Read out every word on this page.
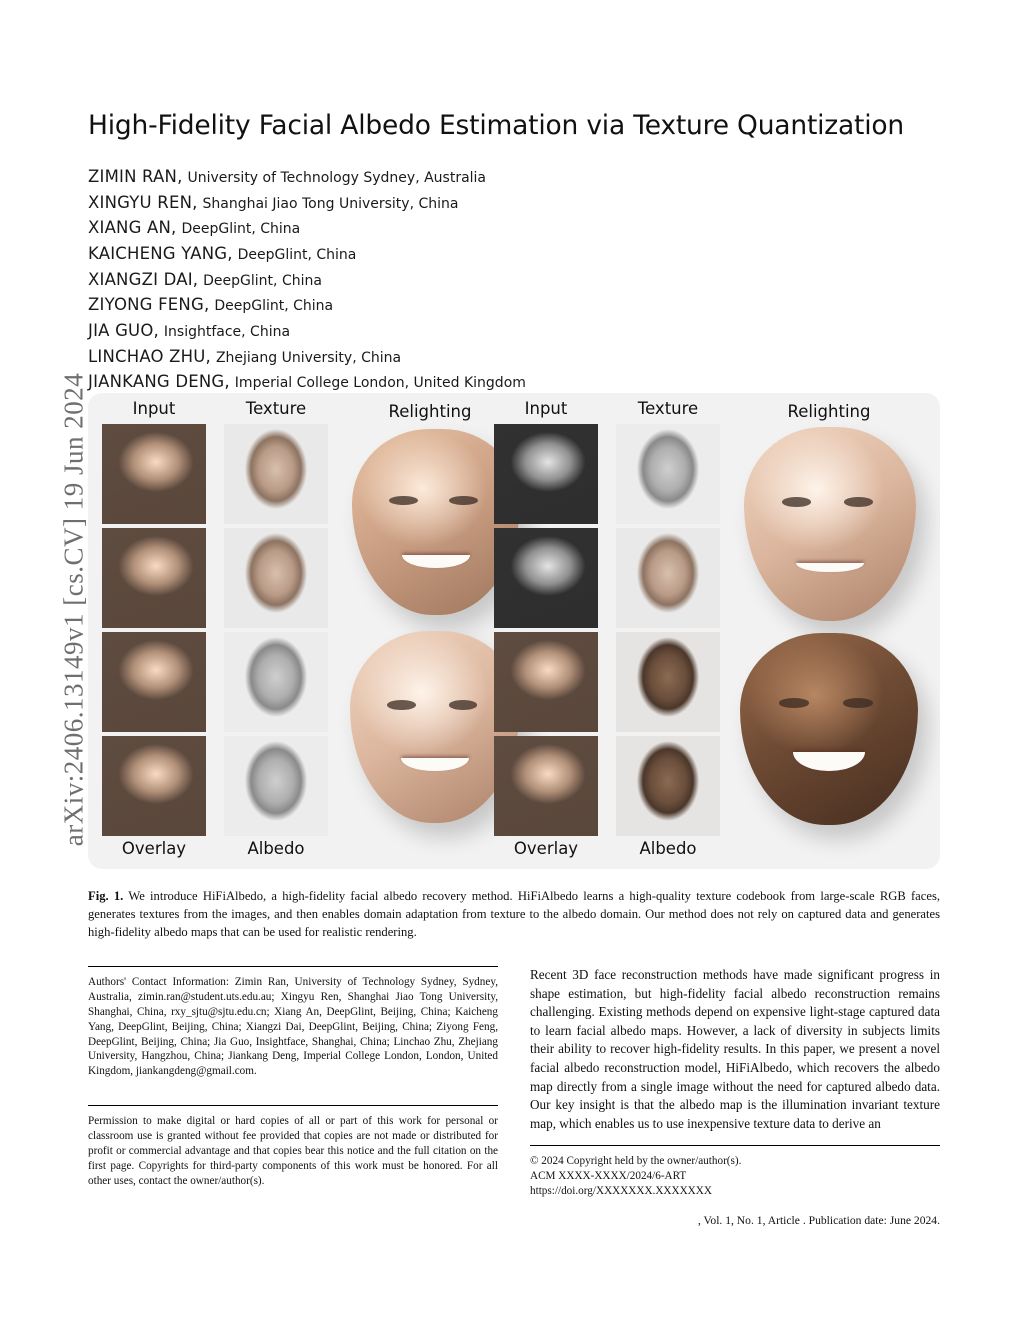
arXiv:2406.13149v1 [cs.CV] 19 Jun 2024
High-Fidelity Facial Albedo Estimation via Texture Quantization
ZIMIN RAN, University of Technology Sydney, Australia
XINGYU REN, Shanghai Jiao Tong University, China
XIANG AN, DeepGlint, China
KAICHENG YANG, DeepGlint, China
XIANGZI DAI, DeepGlint, China
ZIYONG FENG, DeepGlint, China
JIA GUO, Insightface, China
LINCHAO ZHU, Zhejiang University, China
JIANKANG DENG, Imperial College London, United Kingdom
Input	Texture	Relighting	Input	Texture	Relighting
Overlay	Albedo	Overlay	Albedo
Fig. 1. We introduce HiFiAlbedo, a high-fidelity facial albedo recovery method. HiFiAlbedo learns a high-quality texture codebook from large-scale RGB faces, generates textures from the images, and then enables domain adaptation from texture to the albedo domain. Our method does not rely on captured data and generates high-fidelity albedo maps that can be used for realistic rendering.
Authors' Contact Information: Zimin Ran, University of Technology Sydney, Sydney, Australia, zimin.ran@student.uts.edu.au; Xingyu Ren, Shanghai Jiao Tong University, Shanghai, China, rxy_sjtu@sjtu.edu.cn; Xiang An, DeepGlint, Beijing, China; Kaicheng Yang, DeepGlint, Beijing, China; Xiangzi Dai, DeepGlint, Beijing, China; Ziyong Feng, DeepGlint, Beijing, China; Jia Guo, Insightface, Shanghai, China; Linchao Zhu, Zhejiang University, Hangzhou, China; Jiankang Deng, Imperial College London, London, United Kingdom, jiankangdeng@gmail.com.
Permission to make digital or hard copies of all or part of this work for personal or classroom use is granted without fee provided that copies are not made or distributed for profit or commercial advantage and that copies bear this notice and the full citation on the first page. Copyrights for third-party components of this work must be honored. For all other uses, contact the owner/author(s).

Recent 3D face reconstruction methods have made significant progress in shape estimation, but high-fidelity facial albedo reconstruction remains challenging. Existing methods depend on expensive light-stage captured data to learn facial albedo maps. However, a lack of diversity in subjects limits their ability to recover high-fidelity results. In this paper, we present a novel facial albedo reconstruction model, HiFiAlbedo, which recovers the albedo map directly from a single image without the need for captured albedo data. Our key insight is that the albedo map is the illumination invariant texture map, which enables us to use inexpensive texture data to derive an

© 2024 Copyright held by the owner/author(s).
ACM XXXX-XXXX/2024/6-ART
https://doi.org/XXXXXXX.XXXXXXX
, Vol. 1, No. 1, Article . Publication date: June 2024.
